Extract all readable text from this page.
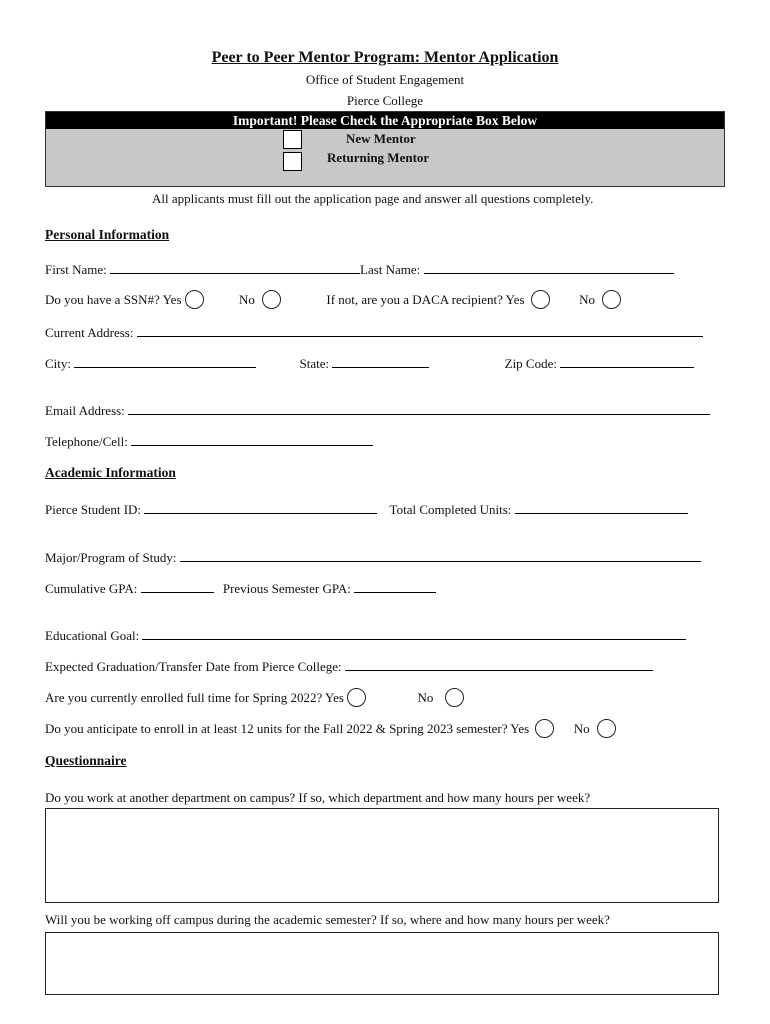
Peer to Peer Mentor Program: Mentor Application
Office of Student Engagement
Pierce College
Important! Please Check the Appropriate Box Below
New Mentor
Returning Mentor
All applicants must fill out the application page and answer all questions completely.
Personal Information
First Name:	Last Name:
Do you have a SSN#? Yes	No	If not, are you a DACA recipient? Yes	No
Current Address:
City:	State:	Zip Code:
Email Address:
Telephone/Cell:
Academic Information
Pierce Student ID:	Total Completed Units:
Major/Program of Study:
Cumulative GPA:	Previous Semester GPA:
Educational Goal:
Expected Graduation/Transfer Date from Pierce College:
Are you currently enrolled full time for Spring 2022? Yes	No
Do you anticipate to enroll in at least 12 units for the Fall 2022 & Spring 2023 semester? Yes	No
Questionnaire
Do you work at another department on campus? If so, which department and how many hours per week?
Will you be working off campus during the academic semester? If so, where and how many hours per week?
